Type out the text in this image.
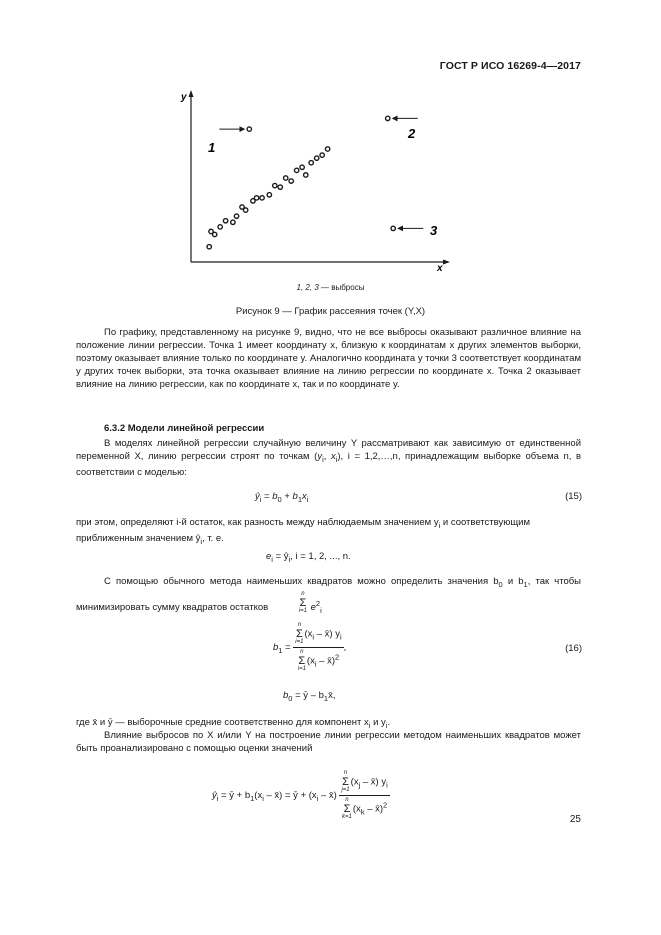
ГОСТ Р ИСО 16269-4—2017
y
x
1
2
3
1, 2, 3 — выбросы
Рисунок 9 — График рассеяния точек (Y,X)
По графику, представленному на рисунке 9, видно, что не все выбросы оказывают различное влияние на положение линии регрессии. Точка 1 имеет координату x, близкую к координатам x других элементов выборки, поэтому оказывает влияние только по координате y. Аналогично координата y точки 3 соответствует координатам y других точек выборки, эта точка оказывает влияние на линию регрессии по координате x. Точка 2 оказывает влияние на линию регрессии, как по координате x, так и по координате y.
6.3.2 Модели линейной регрессии
В моделях линейной регрессии случайную величину Y рассматривают как зависимую от единственной переменной X, линию регрессии строят по точкам ($y_i$, $x_i$), i = 1,2,…,n, принадлежащим выборке объема n, в соответствии с моделью:
$ŷ_i = b_0 + b_1x_i$	(15)
при этом, определяют i-й остаток, как разность между наблюдаемым значением $y_i$ и соответствующим
приближенным значением $ŷ_i$, т. е.
$e_i$ = $ŷ_i$, i = 1, 2, ..., n.
С помощью обычного метода наименьших квадратов можно определить значения $b_0$ и $b_1$, так чтобы минимизировать сумму квадратов остатков
n
Σ
i=1 $e^2_i$
$b_1 = n$
Σ
i=1
($x_i$ – x̄) $y_i$
n
Σ
i=1
($x_i$ – x̄)$^2$ ,	(16)
$b_0$ = ȳ – $b_1x̄$,
где x̄ и ȳ — выборочные средние соответственно для компонент $x_i$ и $y_i$.
Влияние выбросов по X и/или Y на построение линии регрессии методом наименьших квадратов может быть проанализировано с помощью оценки значений
$ŷ_i$ = ȳ + $b_1(x_i$ – x̄) = ȳ + ($x_i$ – x̄) n
Σ
j=1
($x_j$ – x̄) $y_i$
n
Σ
k=1
($x_k$ – x̄)$^2$	25
